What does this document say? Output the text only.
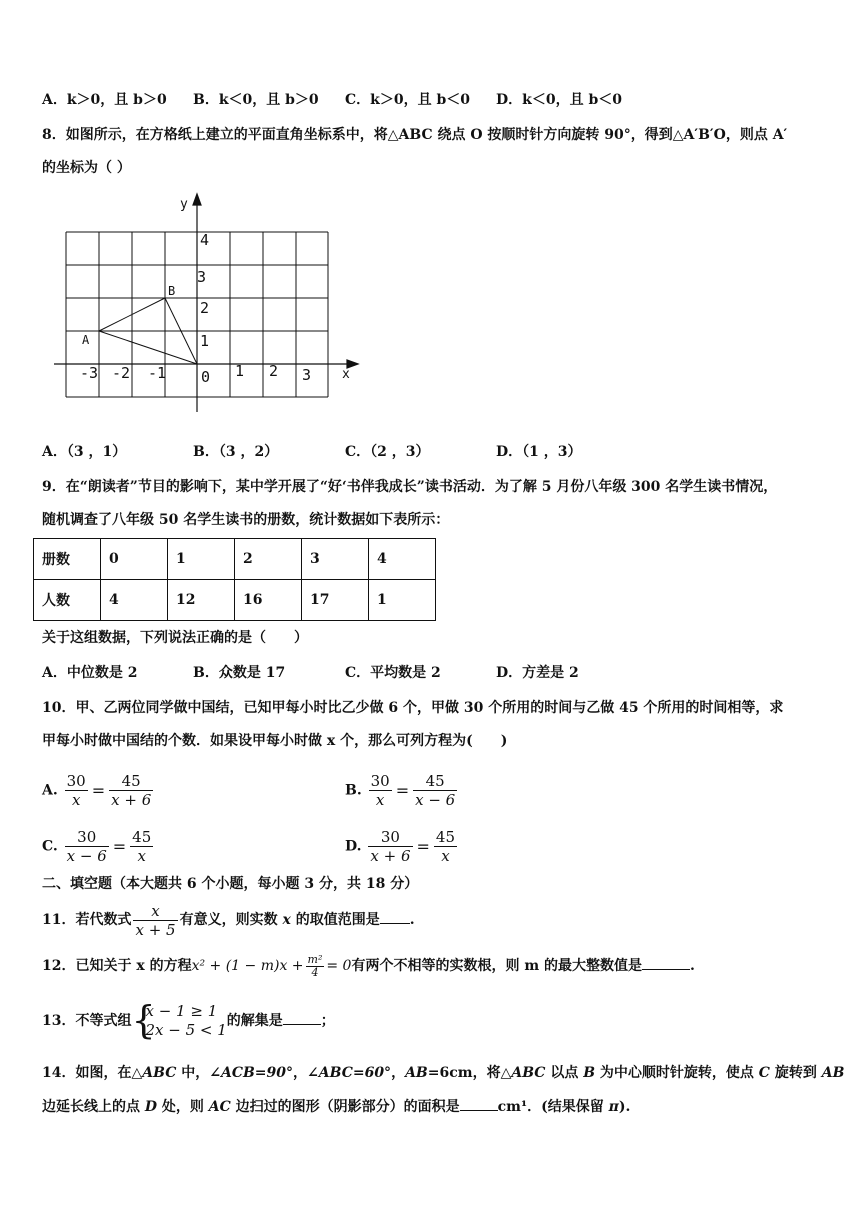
A．k＞0，且 b＞0 B．k＜0，且 b＞0 C．k＞0，且 b＜0 D．k＜0，且 b＜0
8．如图所示，在方格纸上建立的平面直角坐标系中，将△ABC 绕点 O 按顺时针方向旋转 90°，得到△A′B′O，则点 A′
的坐标为（ ）
y
x
A
B
-3 -2 -1 0 1 2 3
1
2
3
4
A．（3 ，1）	B．（3 ，2）	C．（2 ，3）	D．（1 ，3）
9．在“朗读者”节目的影响下，某中学开展了“好‘书伴我成长”读书活动．为了解 5 月份八年级 300 名学生读书情况，
随机调查了八年级 50 名学生读书的册数，统计数据如下表所示：
册数	0	1	2	3	4
人数	4	12	16	17	1
关于这组数据，下列说法正确的是（　　）
A．中位数是 2	B．众数是 17	C．平均数是 2	D．方差是 2
10．甲、乙两位同学做中国结，已知甲每小时比乙少做 6 个，甲做 30 个所用的时间与乙做 45 个所用的时间相等，求
甲每小时做中国结的个数．如果设甲每小时做 x 个，那么可列方程为(　　)
A. $\frac{30}{x} = \frac{45}{x + 6}$	B. $\frac{30}{x} = \frac{45}{x - 6}$
C. $\frac{30}{x - 6} = \frac{45}{x}$	D. $\frac{30}{x + 6} = \frac{45}{x}$
二、填空题（本大题共 6 个小题，每小题 3 分，共 18 分）
11．若代数式 $\frac{x}{x + 5}$ 有意义，则实数 x 的取值范围是 .
12．已知关于 x 的方程$x^2 + (1 - m)x + \frac{\text{m²}}{4} = 0$有两个不相等的实数根，则 m 的最大整数值是	.
13．不等式组 {
x − 1 ≥ 1
2x − 5 < 1 的解集是	；
14．如图，在△ABC 中，∠ACB=90°，∠ABC=60°，AB=6cm，将△ABC 以点 B 为中心顺时针旋转，使点 C 旋转到 AB
边延长线上的点 D 处，则 AC 边扫过的图形（阴影部分）的面积是	cm¹．(结果保留 π).
